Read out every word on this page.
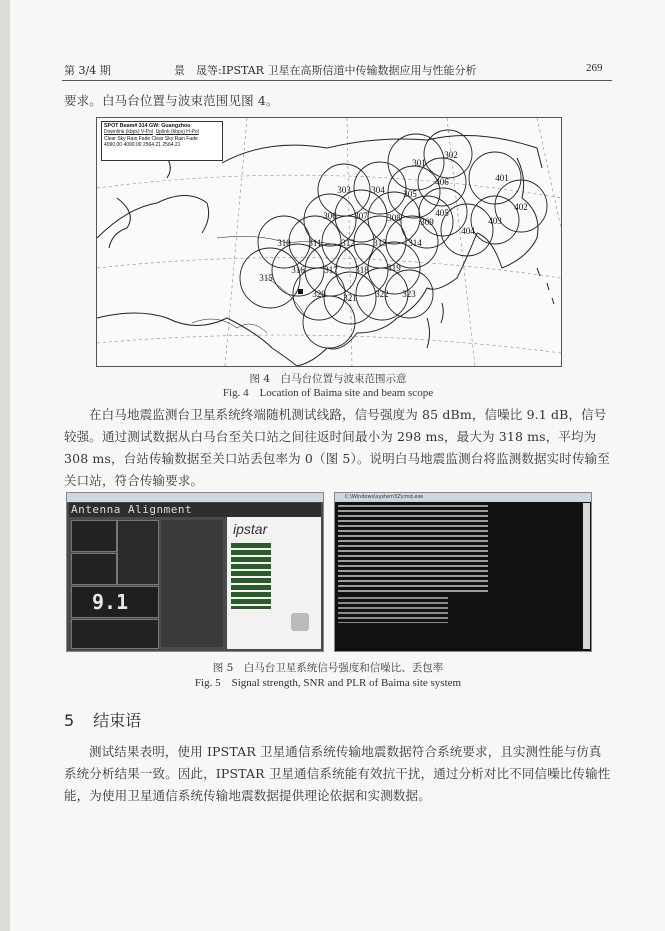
第 3/4 期	景　晟等:IPSTAR 卫星在高斯信道中传输数据应用与性能分析	269
要求。白马台位置与波束范围见图 4。
301
302
303 304 305
406	401
402
403
404
405
306 307 308 309
310 311 312 313 314
315
316 317 318 319
320 321 322 323
SPOT Beam# 314 GW: Guangzhou
Downlink (kbps) V-Pol Uplink (kbps) H-Pol
Clear Sky Rain Fade Clear Sky Rain Fade
4090.00 4090.00 2564.21 2564.21
图 4　白马台位置与波束范围示意
Fig. 4　Location of Baima site and beam scope
在白马地震监测台卫星系统终端随机测试线路，信号强度为 85 dBm，信噪比 9.1 dB，信号较强。通过测试数据从白马台至关口站之间往返时间最小为 298 ms，最大为 318 ms，平均为 308 ms，台站传输数据至关口站丢包率为 0（图 5）。说明白马地震监测台将监测数据实时传输至关口站，符合传输要求。
Antenna Alignment
9.1
ipstar
C:\Windows\system32\cmd.exe
图 5　白马台卫星系统信号强度和信噪比、丢包率
Fig. 5　Signal strength, SNR and PLR of Baima site system
5 结束语
测试结果表明，使用 IPSTAR 卫星通信系统传输地震数据符合系统要求，且实测性能与仿真系统分析结果一致。因此，IPSTAR 卫星通信系统能有效抗干扰，通过分析对比不同信噪比传输性能，为使用卫星通信系统传输地震数据提供理论依据和实测数据。
